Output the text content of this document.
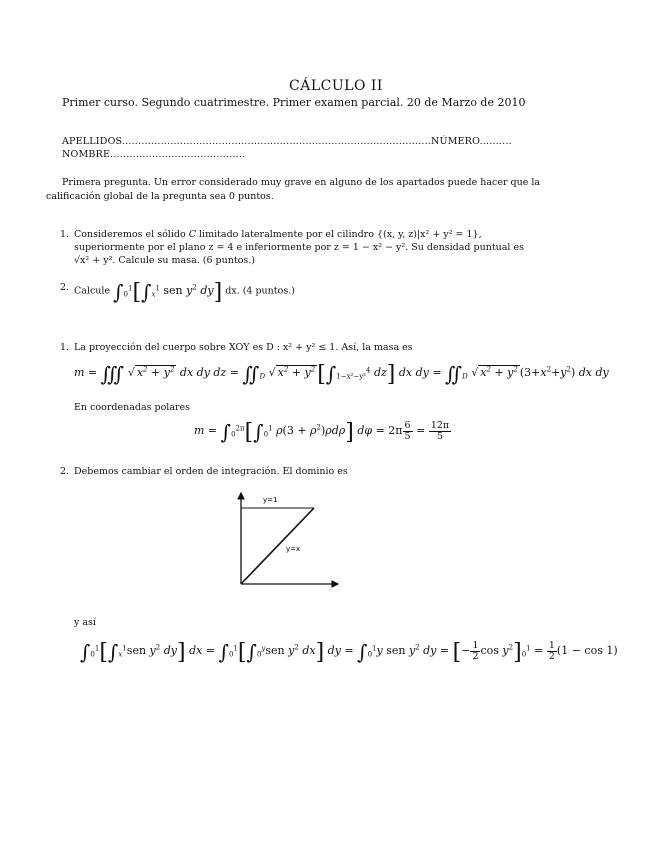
CÁLCULO II
Primer curso. Segundo cuatrimestre. Primer examen parcial. 20 de Marzo de 2010
APELLIDOS................................................................................................NÚMERO..........
NOMBRE..........................................
Primera pregunta. Un error considerado muy grave en alguno de los apartados puede hacer que la calificación global de la pregunta sea 0 puntos.
1. Consideremos el sólido C limitado lateralmente por el cilindro {(x, y, z)|x² + y² = 1}, superiormente por el plano z = 4 e inferiormente por z = 1 − x² − y². Su densidad puntual es √x² + y². Calcule su masa. (6 puntos.)
2. Calcule $\int_0^1[\int_x^1$ sen $y^2$ dy] dx. (4 puntos.)
1. La proyección del cuerpo sobre XOY es D : x² + y² ≤ 1. Así, la masa es
m = ∭ √ $x^2 + y^2$ dx dy dz = $∬_D$ √ $x^2 + y^2[\int_{1-x^2-y^2}^4$ dz] dx dy = $∬_D$ √ $x^2 + y^2$ $(3+x^2+y^2)$ dx dy
En coordenadas polares
$m = \int_0^{2\pi}[\int_0^1$ $\rho(3 + \rho^2)\rho d\rho$] $d\varphi = 2\pi \frac{6}{5} = \frac{12\pi}{5}$
2. Debemos cambiar el orden de integración. El dominio es
y=1
y=x
y así
$\int_0^1[\int_x^1sen$ $y^2$ dy] dx = $\int_0^1[\int_0^ysen$ $y^2$ dx] dy = $\int_0^1y$ sen $y^2$ dy = [− $\frac{1}{2}$ $\cos y^2]_0^1 = \frac{1}{2} (1 - \cos 1)$
